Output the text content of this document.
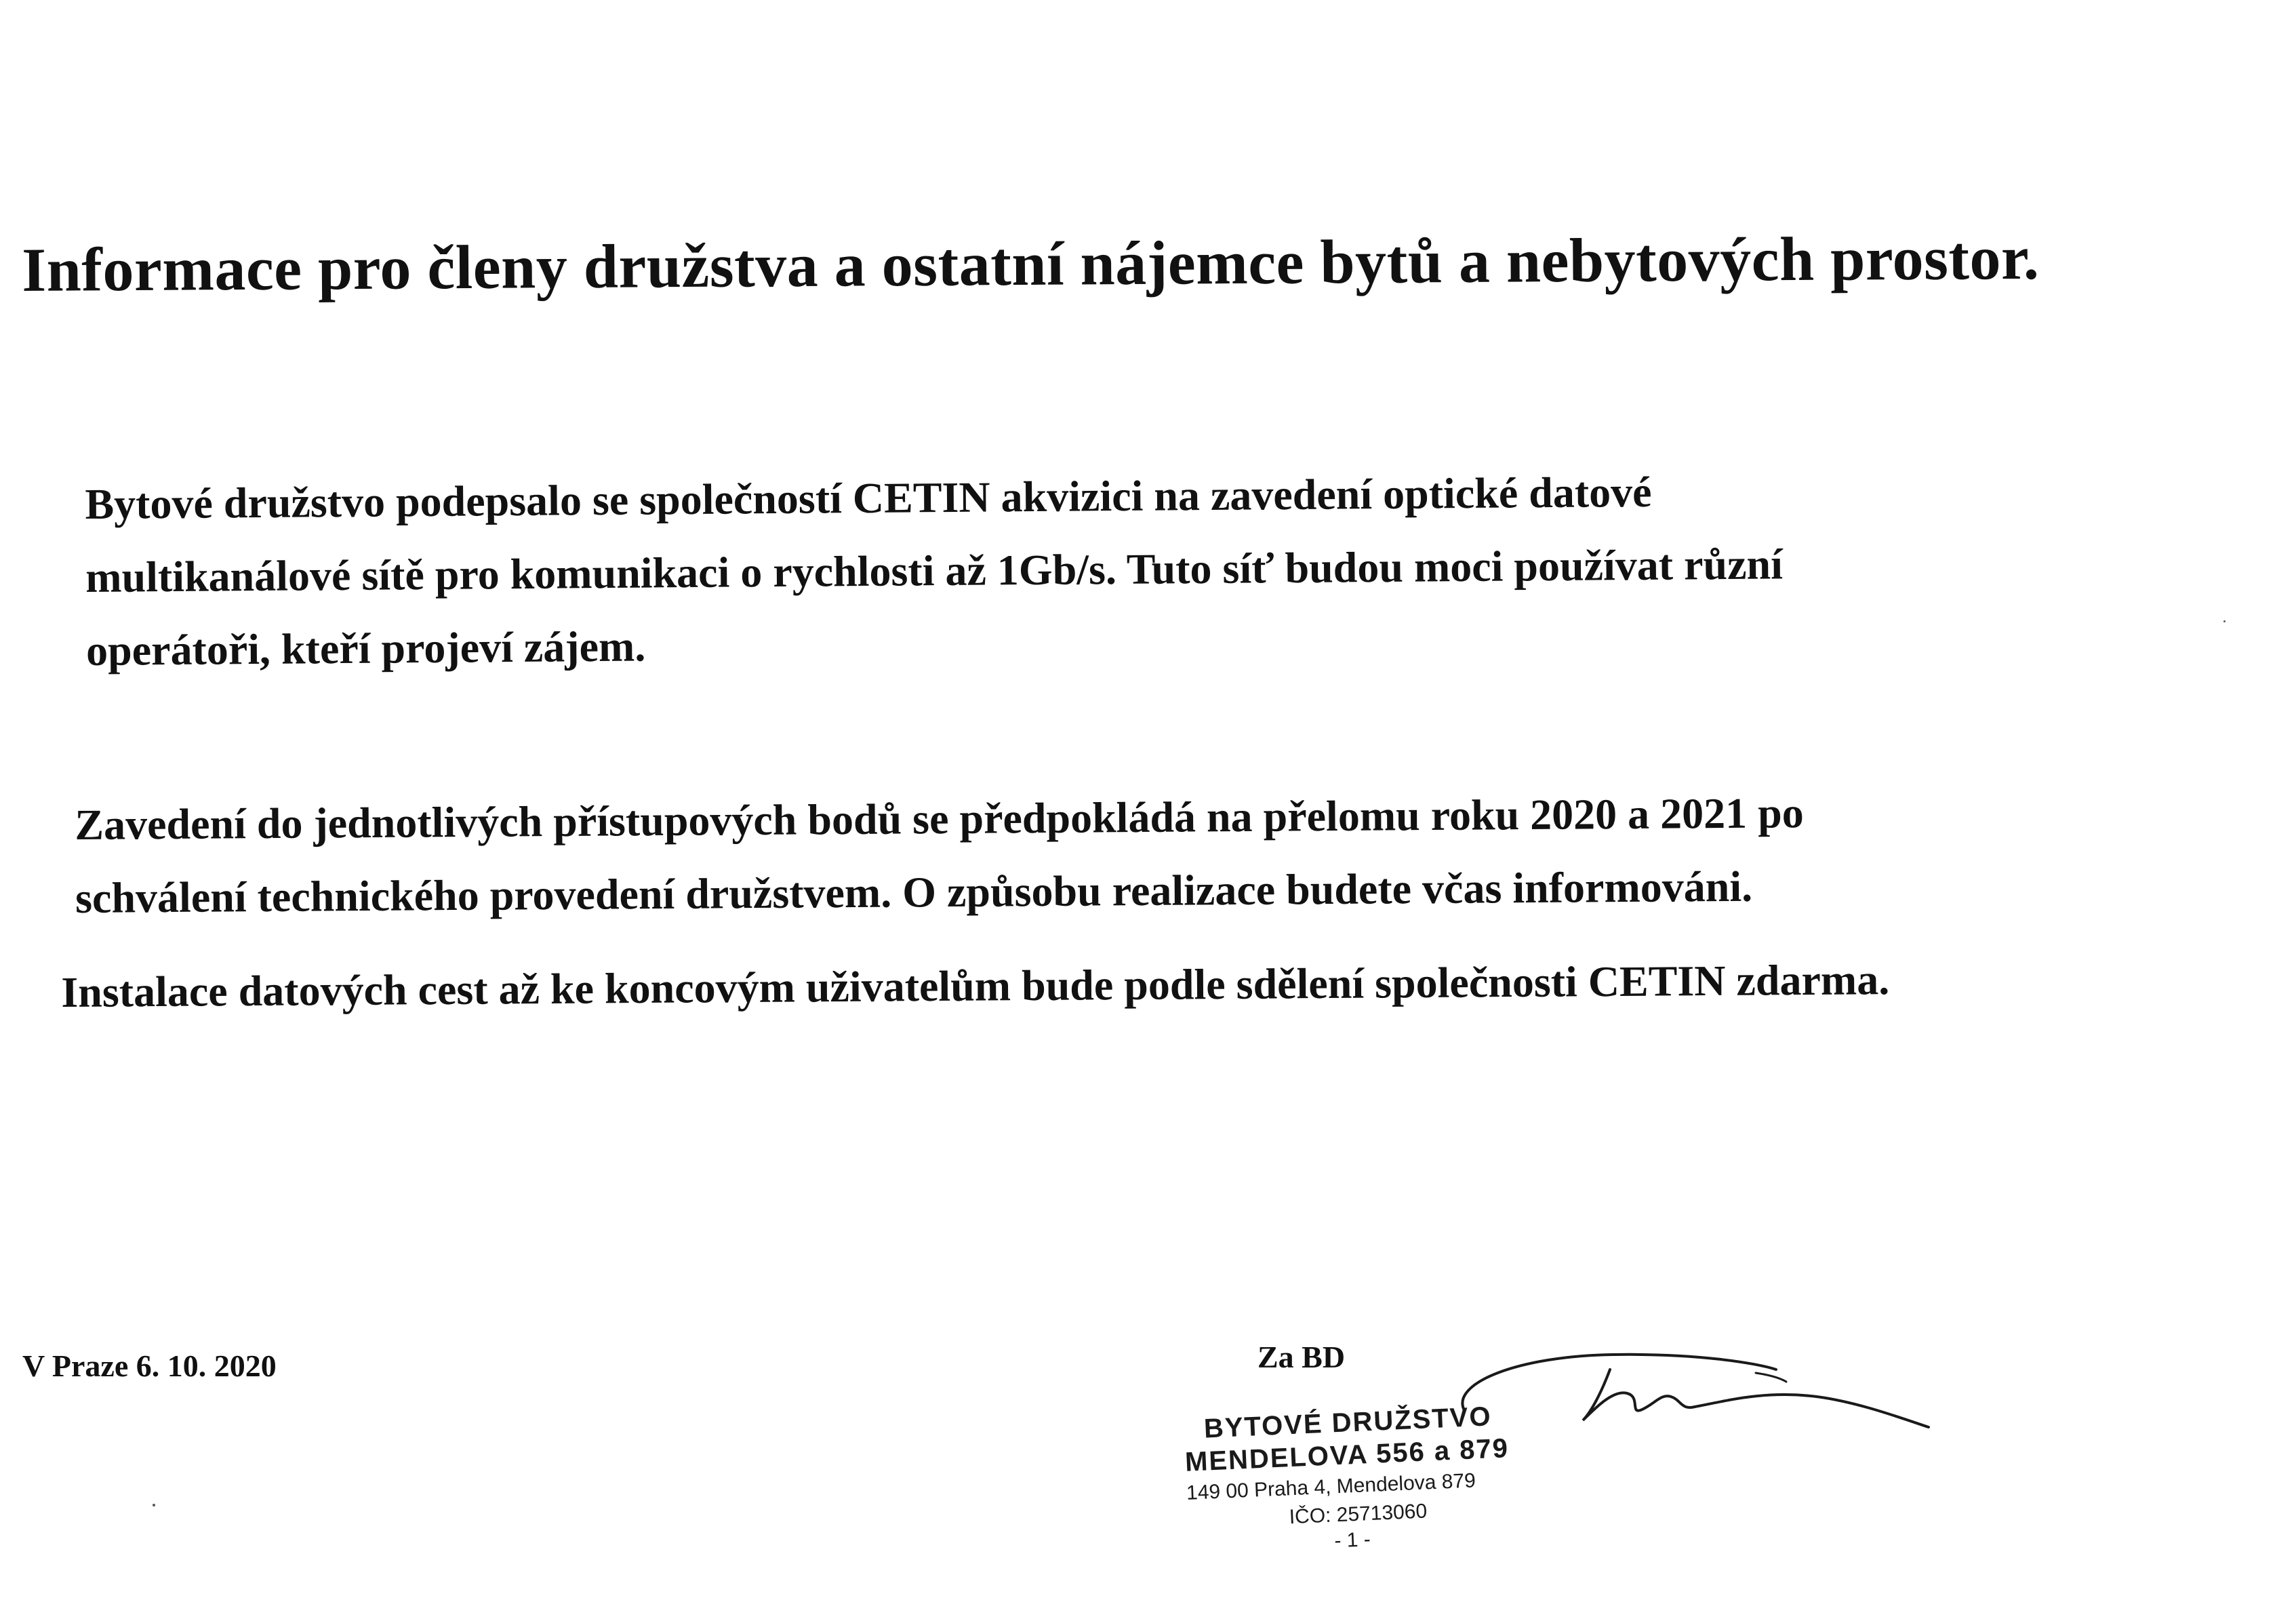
Informace pro členy družstva a ostatní nájemce bytů a nebytových prostor.
Bytové družstvo podepsalo se společností CETIN akvizici na zavedení optické datové
multikanálové sítě pro komunikaci o rychlosti až 1Gb/s. Tuto síť budou moci používat různí
operátoři, kteří projeví zájem.
Zavedení do jednotlivých přístupových bodů se předpokládá na přelomu roku 2020 a 2021 po
schválení technického provedení družstvem. O způsobu realizace budete včas informováni.
Instalace datových cest až ke koncovým uživatelům bude podle sdělení společnosti CETIN zdarma.
V Praze 6. 10. 2020	Za BD
BYTOVÉ DRUŽSTVO
MENDELOVA 556 a 879
149 00 Praha 4, Mendelova 879
IČO: 25713060
- 1 -
